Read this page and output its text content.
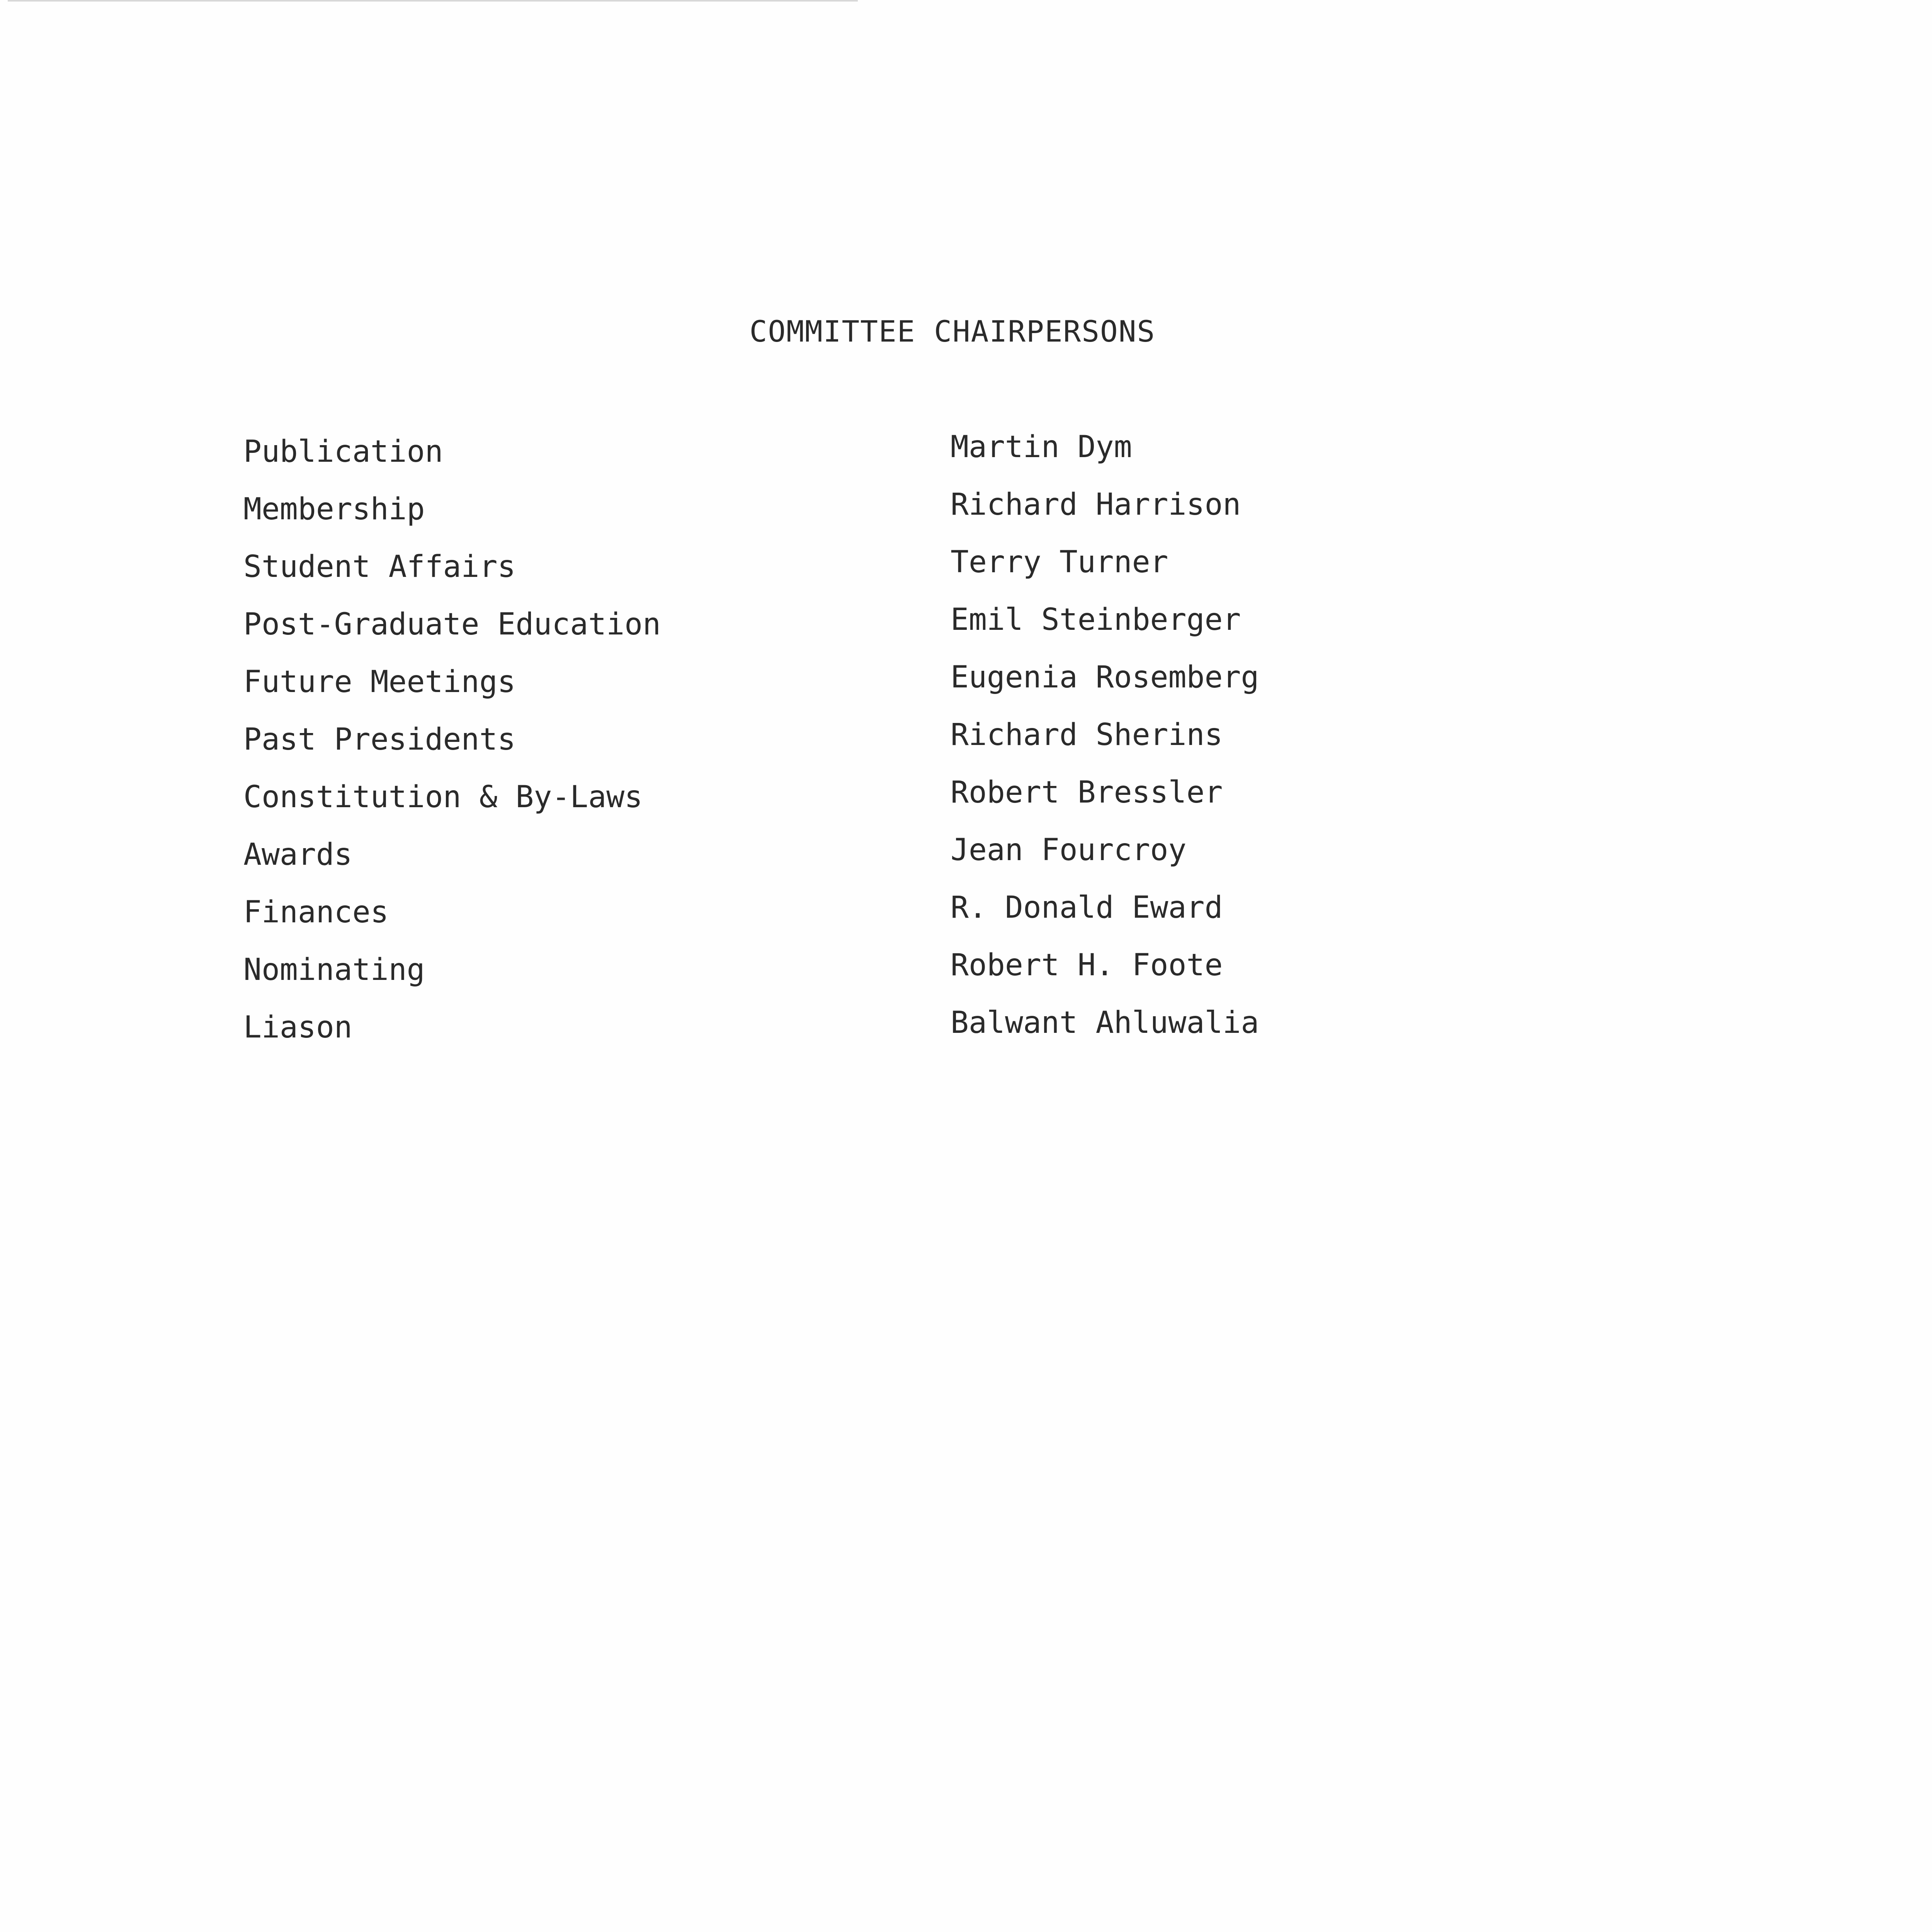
COMMITTEE CHAIRPERSONS
Publication
Membership
Student Affairs
Post-Graduate Education
Future Meetings
Past Presidents
Constitution & By-Laws
Awards
Finances
Nominating
Liason
Martin Dym
Richard Harrison
Terry Turner
Emil Steinberger
Eugenia Rosemberg
Richard Sherins
Robert Bressler
Jean Fourcroy
R. Donald Eward
Robert H. Foote
Balwant Ahluwalia
